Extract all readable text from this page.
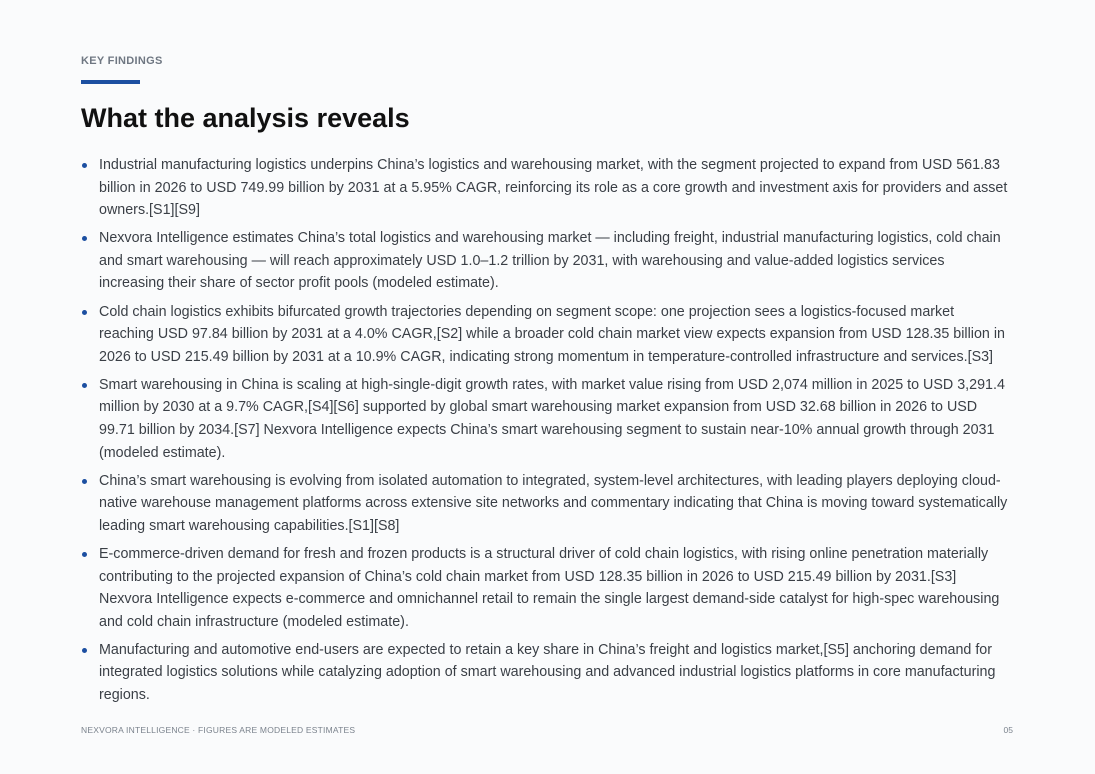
KEY FINDINGS
What the analysis reveals
Industrial manufacturing logistics underpins China’s logistics and warehousing market, with the segment projected to expand from USD 561.83 billion in 2026 to USD 749.99 billion by 2031 at a 5.95% CAGR, reinforcing its role as a core growth and investment axis for providers and asset owners.[S1][S9]
Nexvora Intelligence estimates China’s total logistics and warehousing market — including freight, industrial manufacturing logistics, cold chain and smart warehousing — will reach approximately USD 1.0–1.2 trillion by 2031, with warehousing and value-added logistics services increasing their share of sector profit pools (modeled estimate).
Cold chain logistics exhibits bifurcated growth trajectories depending on segment scope: one projection sees a logistics-focused market reaching USD 97.84 billion by 2031 at a 4.0% CAGR,[S2] while a broader cold chain market view expects expansion from USD 128.35 billion in 2026 to USD 215.49 billion by 2031 at a 10.9% CAGR, indicating strong momentum in temperature-controlled infrastructure and services.[S3]
Smart warehousing in China is scaling at high-single-digit growth rates, with market value rising from USD 2,074 million in 2025 to USD 3,291.4 million by 2030 at a 9.7% CAGR,[S4][S6] supported by global smart warehousing market expansion from USD 32.68 billion in 2026 to USD 99.71 billion by 2034.[S7] Nexvora Intelligence expects China’s smart warehousing segment to sustain near-10% annual growth through 2031 (modeled estimate).
China’s smart warehousing is evolving from isolated automation to integrated, system-level architectures, with leading players deploying cloud-native warehouse management platforms across extensive site networks and commentary indicating that China is moving toward systematically leading smart warehousing capabilities.[S1][S8]
E-commerce-driven demand for fresh and frozen products is a structural driver of cold chain logistics, with rising online penetration materially contributing to the projected expansion of China’s cold chain market from USD 128.35 billion in 2026 to USD 215.49 billion by 2031.[S3] Nexvora Intelligence expects e-commerce and omnichannel retail to remain the single largest demand-side catalyst for high-spec warehousing and cold chain infrastructure (modeled estimate).
Manufacturing and automotive end-users are expected to retain a key share in China’s freight and logistics market,[S5] anchoring demand for integrated logistics solutions while catalyzing adoption of smart warehousing and advanced industrial logistics platforms in core manufacturing regions.
NEXVORA INTELLIGENCE · FIGURES ARE MODELED ESTIMATES	05
